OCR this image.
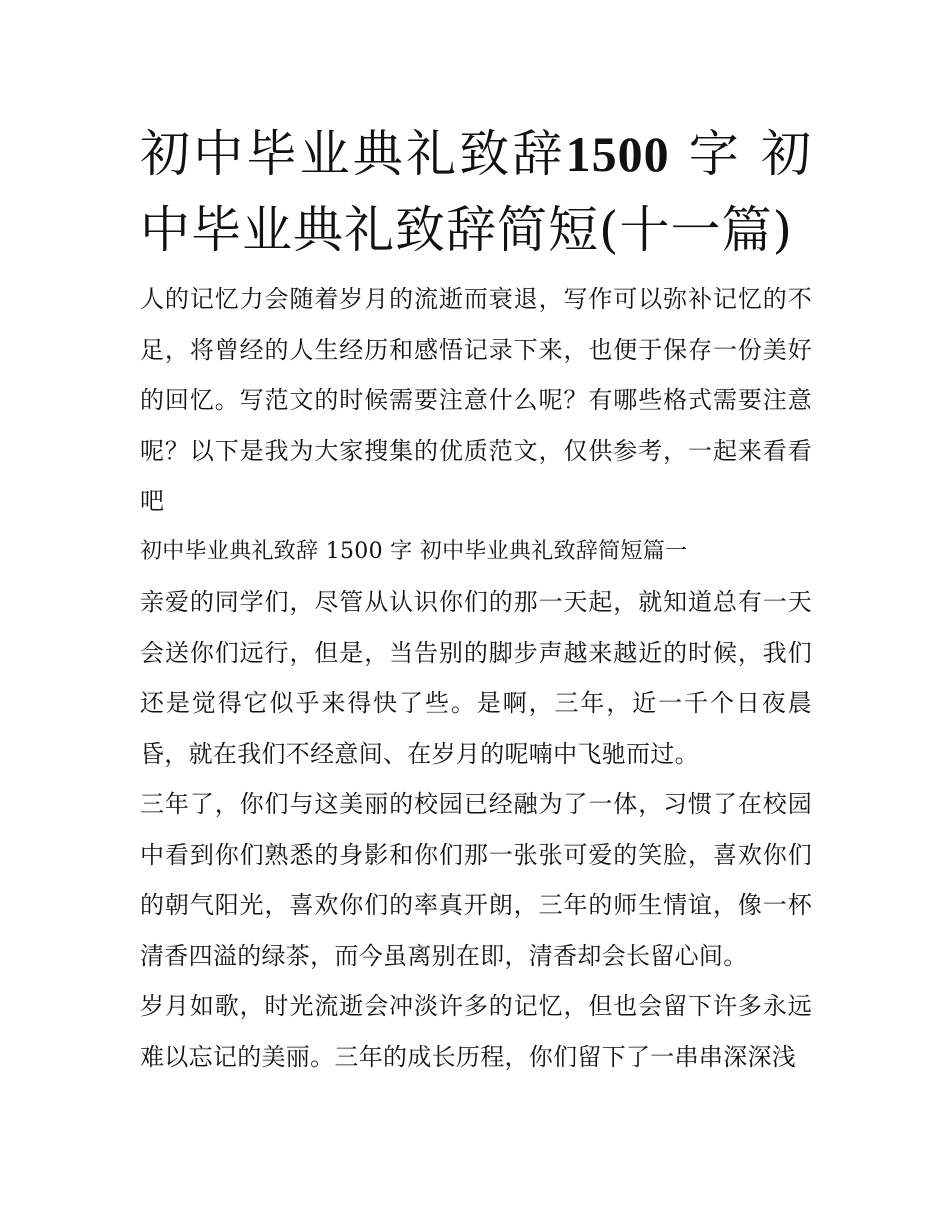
初中毕业典礼致辞1500 字 初中毕业典礼致辞简短(十一篇)

人的记忆力会随着岁月的流逝而衰退，写作可以弥补记忆的不足，将曾经的人生经历和感悟记录下来，也便于保存一份美好的回忆。写范文的时候需要注意什么呢？有哪些格式需要注意呢？以下是我为大家搜集的优质范文，仅供参考，一起来看看吧

初中毕业典礼致辞 1500 字 初中毕业典礼致辞简短篇一

亲爱的同学们，尽管从认识你们的那一天起，就知道总有一天会送你们远行，但是，当告别的脚步声越来越近的时候，我们还是觉得它似乎来得快了些。是啊，三年，近一千个日夜晨昏，就在我们不经意间、在岁月的呢喃中飞驰而过。

三年了，你们与这美丽的校园已经融为了一体，习惯了在校园中看到你们熟悉的身影和你们那一张张可爱的笑脸，喜欢你们的朝气阳光，喜欢你们的率真开朗，三年的师生情谊，像一杯清香四溢的绿茶，而今虽离别在即，清香却会长留心间。

岁月如歌，时光流逝会冲淡许多的记忆，但也会留下许多永远难以忘记的美丽。三年的成长历程，你们留下了一串串深深浅
